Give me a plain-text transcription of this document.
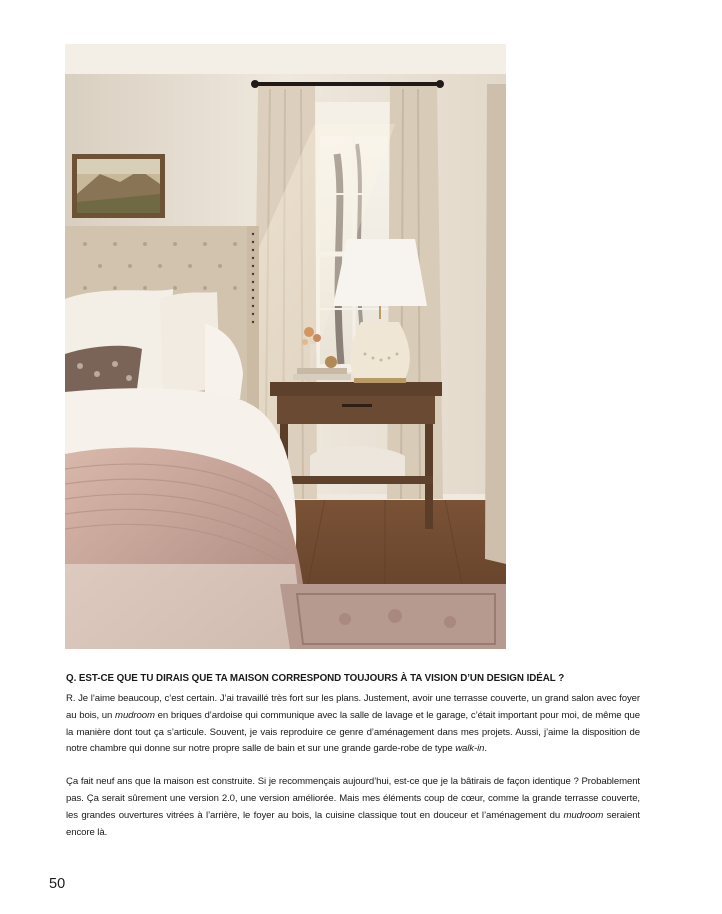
Q. EST-CE QUE TU DIRAIS QUE TA MAISON CORRESPOND TOUJOURS À TA VISION D’UN DESIGN IDÉAL ?

R. Je l’aime beaucoup, c’est certain. J’ai travaillé très fort sur les plans. Justement, avoir une terrasse couverte, un grand salon avec foyer au bois, un mudroom en briques d’ardoise qui communique avec la salle de lavage et le garage, c’était important pour moi, de même que la manière dont tout ça s’articule. Souvent, je vais reproduire ce genre d’aménagement dans mes projets. Aussi, j’aime la disposition de notre chambre qui donne sur notre propre salle de bain et sur une grande garde-robe de type walk-in.

Ça fait neuf ans que la maison est construite. Si je recommençais aujourd’hui, est-ce que je la bâtirais de façon identique ? Probablement pas. Ça serait sûrement une version 2.0, une version améliorée. Mais mes éléments coup de cœur, comme la grande terrasse couverte, les grandes ouvertures vitrées à l’arrière, le foyer au bois, la cuisine classique tout en douceur et l’aménagement du mudroom seraient encore là.

50
